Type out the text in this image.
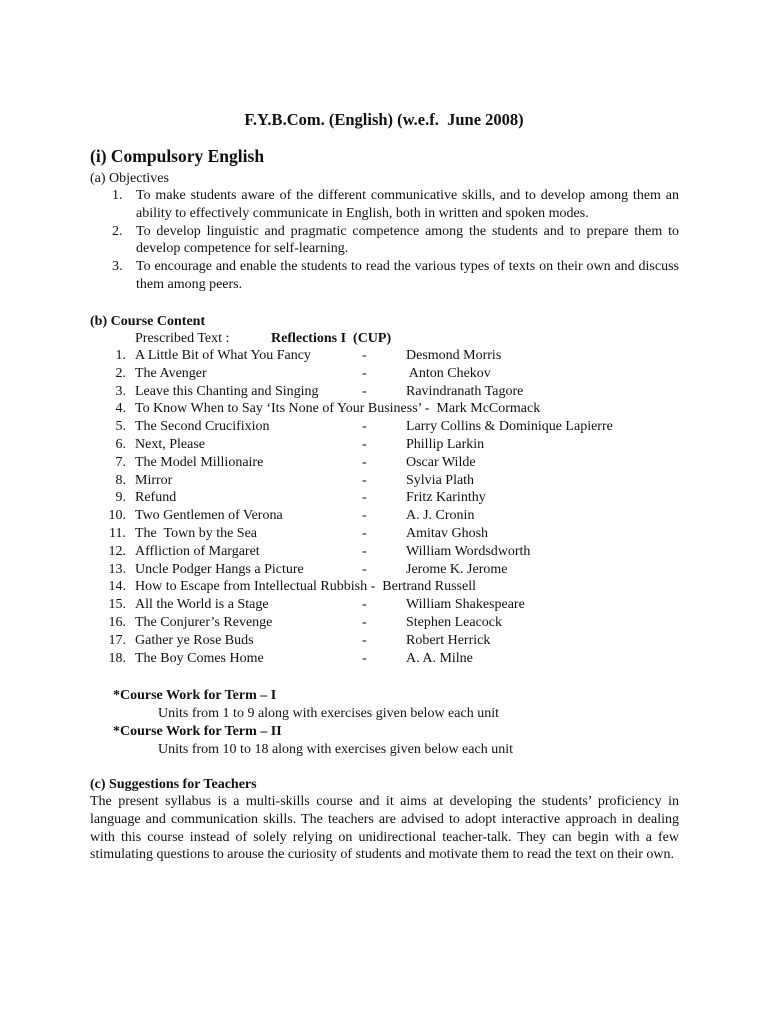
F.Y.B.Com. (English) (w.e.f.  June 2008)
(i) Compulsory English
(a) Objectives
1. To make students aware of the different communicative skills, and to develop among them an ability to effectively communicate in English, both in written and spoken modes.
2. To develop linguistic and pragmatic competence among the students and to prepare them to develop competence for self-learning.
3. To encourage and enable the students to read the various types of texts on their own and discuss them among peers.
(b) Course Content
Prescribed Text :	Reflections I  (CUP)
1. A Little Bit of What You Fancy	-	Desmond Morris
2. The Avenger	-	Anton Chekov
3. Leave this Chanting and Singing	-	Ravindranath Tagore
4. To Know When to Say ‘Its None of Your Business’ -  Mark McCormack
5. The Second Crucifixion	-	Larry Collins & Dominique Lapierre
6. Next, Please	-	Phillip Larkin
7. The Model Millionaire	-	Oscar Wilde
8. Mirror	-	Sylvia Plath
9. Refund	-	Fritz Karinthy
10. Two Gentlemen of Verona	-	A. J. Cronin
11. The  Town by the Sea	-	Amitav Ghosh
12. Affliction of Margaret	-	William Wordsdworth
13. Uncle Podger Hangs a Picture	-	Jerome K. Jerome
14. How to Escape from Intellectual Rubbish -  Bertrand Russell
15. All the World is a Stage	-	William Shakespeare
16. The Conjurer’s Revenge	-	Stephen Leacock
17. Gather ye Rose Buds	-	Robert Herrick
18. The Boy Comes Home	-	A. A. Milne
*Course Work for Term – I
Units from 1 to 9 along with exercises given below each unit
*Course Work for Term – II
Units from 10 to 18 along with exercises given below each unit
(c) Suggestions for Teachers
The present syllabus is a multi-skills course and it aims at developing the students’ proficiency in language and communication skills. The teachers are advised to adopt interactive approach in dealing with this course instead of solely relying on unidirectional teacher-talk. They can begin with a few stimulating questions to arouse the curiosity of students and motivate them to read the text on their own.
